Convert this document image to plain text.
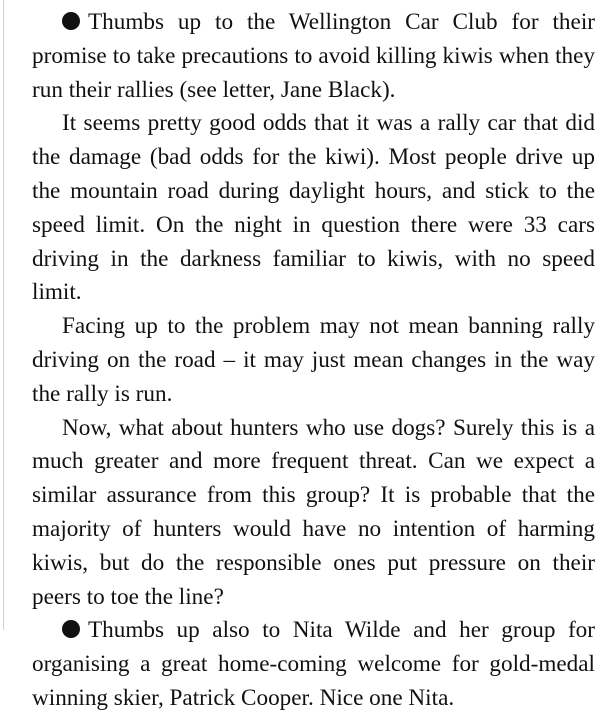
Thumbs up to the Wellington Car Club for their promise to take precautions to avoid killing kiwis when they run their rallies (see letter, Jane Black).

It seems pretty good odds that it was a rally car that did the damage (bad odds for the kiwi). Most people drive up the mountain road during daylight hours, and stick to the speed limit. On the night in question there were 33 cars driving in the darkness familiar to kiwis, with no speed limit.

Facing up to the problem may not mean banning rally driving on the road – it may just mean changes in the way the rally is run.

Now, what about hunters who use dogs? Surely this is a much greater and more frequent threat. Can we expect a similar assurance from this group? It is probable that the majority of hunters would have no intention of harming kiwis, but do the responsible ones put pressure on their peers to toe the line?

Thumbs up also to Nita Wilde and her group for organising a great home-coming welcome for gold-medal winning skier, Patrick Cooper. Nice one Nita.
